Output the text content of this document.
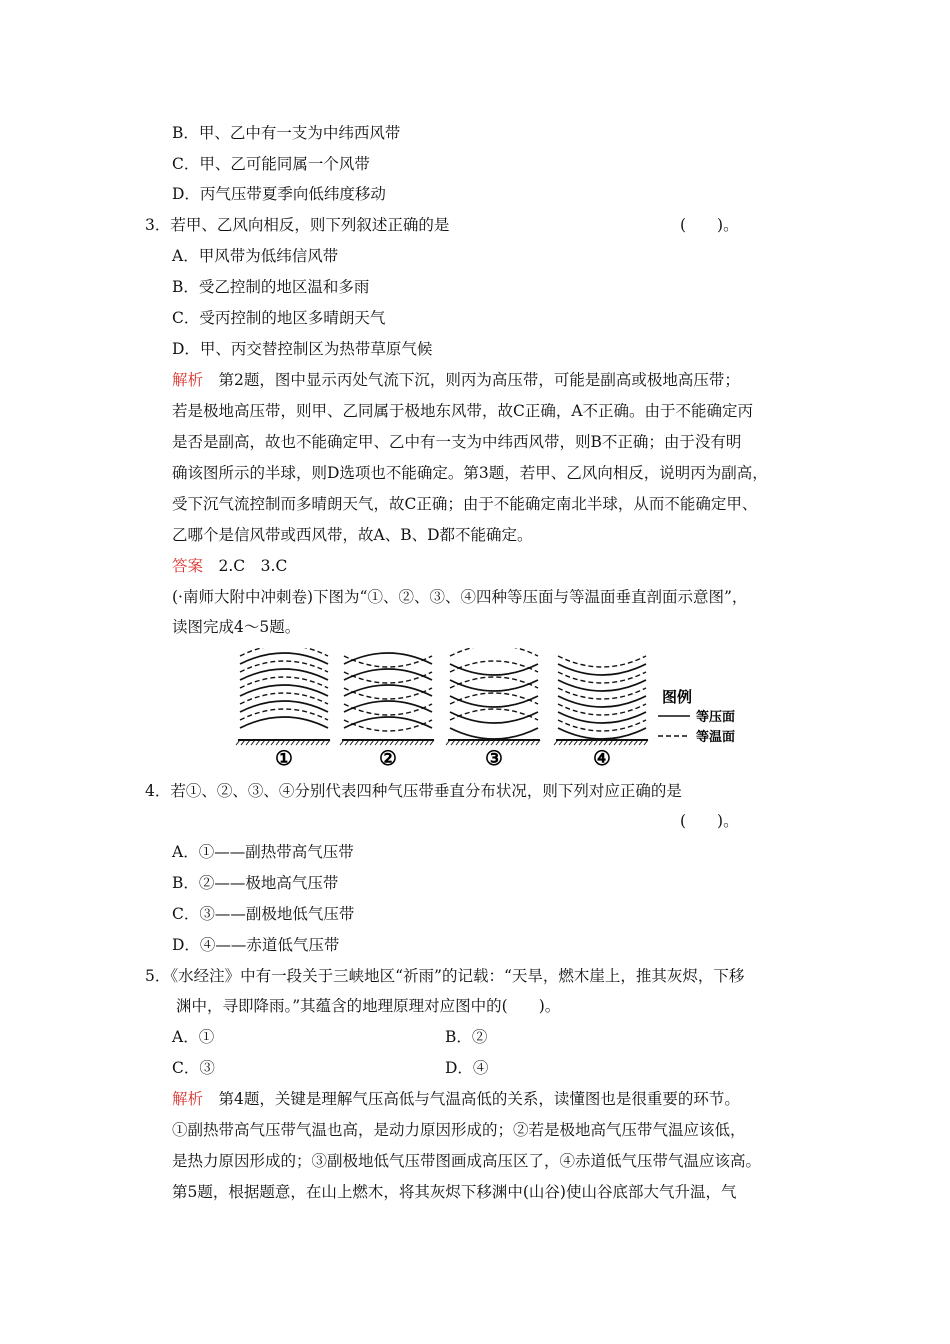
B．甲、乙中有一支为中纬西风带
C．甲、乙可能同属一个风带
D．丙气压带夏季向低纬度移动
3．若甲、乙风向相反，则下列叙述正确的是	(　　)。
A．甲风带为低纬信风带
B．受乙控制的地区温和多雨
C．受丙控制的地区多晴朗天气
D．甲、丙交替控制区为热带草原气候
解析　第2题，图中显示丙处气流下沉，则丙为高压带，可能是副高或极地高压带；
若是极地高压带，则甲、乙同属于极地东风带，故C正确，A不正确。由于不能确定丙
是否是副高，故也不能确定甲、乙中有一支为中纬西风带，则B不正确；由于没有明
确该图所示的半球，则D选项也不能确定。第3题，若甲、乙风向相反，说明丙为副高，
受下沉气流控制而多晴朗天气，故C正确；由于不能确定南北半球，从而不能确定甲、
乙哪个是信风带或西风带，故A、B、D都不能确定。
答案　2.C　3.C
(·南师大附中冲刺卷)下图为“①、②、③、④四种等压面与等温面垂直剖面示意图”，
读图完成4～5题。
①	②	③	④
图例
等压面
等温面
4．若①、②、③、④分别代表四种气压带垂直分布状况，则下列对应正确的是
(　　)。
A．①——副热带高气压带
B．②——极地高气压带
C．③——副极地低气压带
D．④——赤道低气压带
5．《水经注》中有一段关于三峡地区“祈雨”的记载：“天旱，燃木崖上，推其灰烬，下移
渊中，寻即降雨。”其蕴含的地理原理对应图中的(　　)。
A．①	B．②
C．③	D．④
解析　第4题，关键是理解气压高低与气温高低的关系，读懂图也是很重要的环节。
①副热带高气压带气温也高，是动力原因形成的；②若是极地高气压带气温应该低，
是热力原因形成的；③副极地低气压带图画成高压区了，④赤道低气压带气温应该高。
第5题，根据题意，在山上燃木，将其灰烬下移渊中(山谷)使山谷底部大气升温，气
